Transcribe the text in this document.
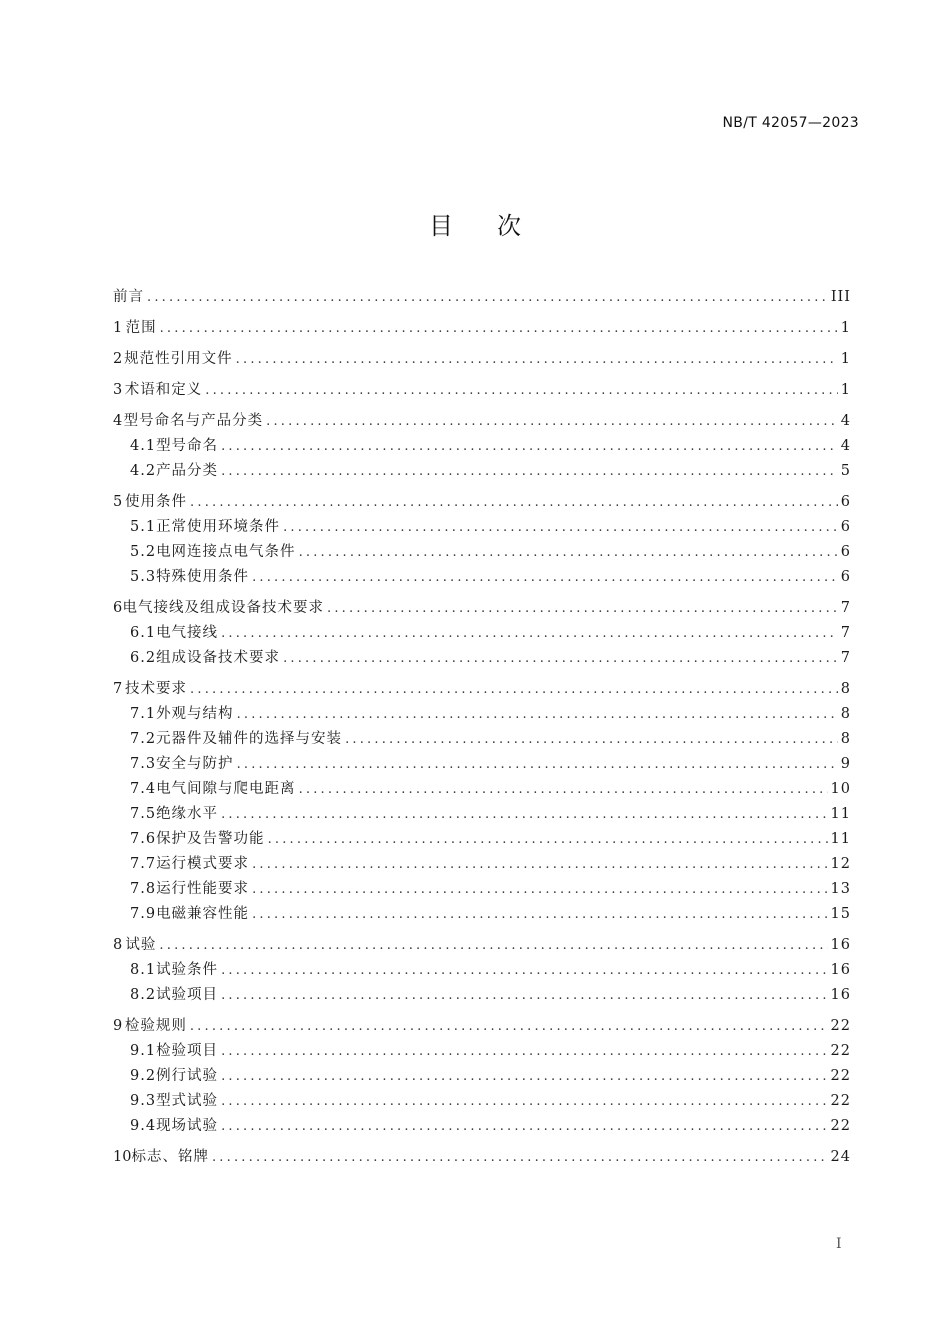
NB/T 42057—2023
目次
前言 .....	III
1 范围 .....	1
2 规范性引用文件 .....	1
3 术语和定义 .....	1
4 型号命名与产品分类 .....	4
4.1 型号命名 .....	4
4.2 产品分类 .....	5
5 使用条件 .....	6
5.1 正常使用环境条件 .....	6
5.2 电网连接点电气条件 .....	6
5.3 特殊使用条件 .....	6
6 电气接线及组成设备技术要求 .....	7
6.1 电气接线 .....	7
6.2 组成设备技术要求 .....	7
7 技术要求 .....	8
7.1 外观与结构 .....	8
7.2 元器件及辅件的选择与安装 .....	8
7.3 安全与防护 .....	9
7.4 电气间隙与爬电距离 .....	10
7.5 绝缘水平 .....	11
7.6 保护及告警功能 .....	11
7.7 运行模式要求 .....	12
7.8 运行性能要求 .....	13
7.9 电磁兼容性能 .....	15
8 试验 .....	16
8.1 试验条件 .....	16
8.2 试验项目 .....	16
9 检验规则 .....	22
9.1 检验项目 .....	22
9.2 例行试验 .....	22
9.3 型式试验 .....	22
9.4 现场试验 .....	22
10 标志、铭牌 .....	24
I
